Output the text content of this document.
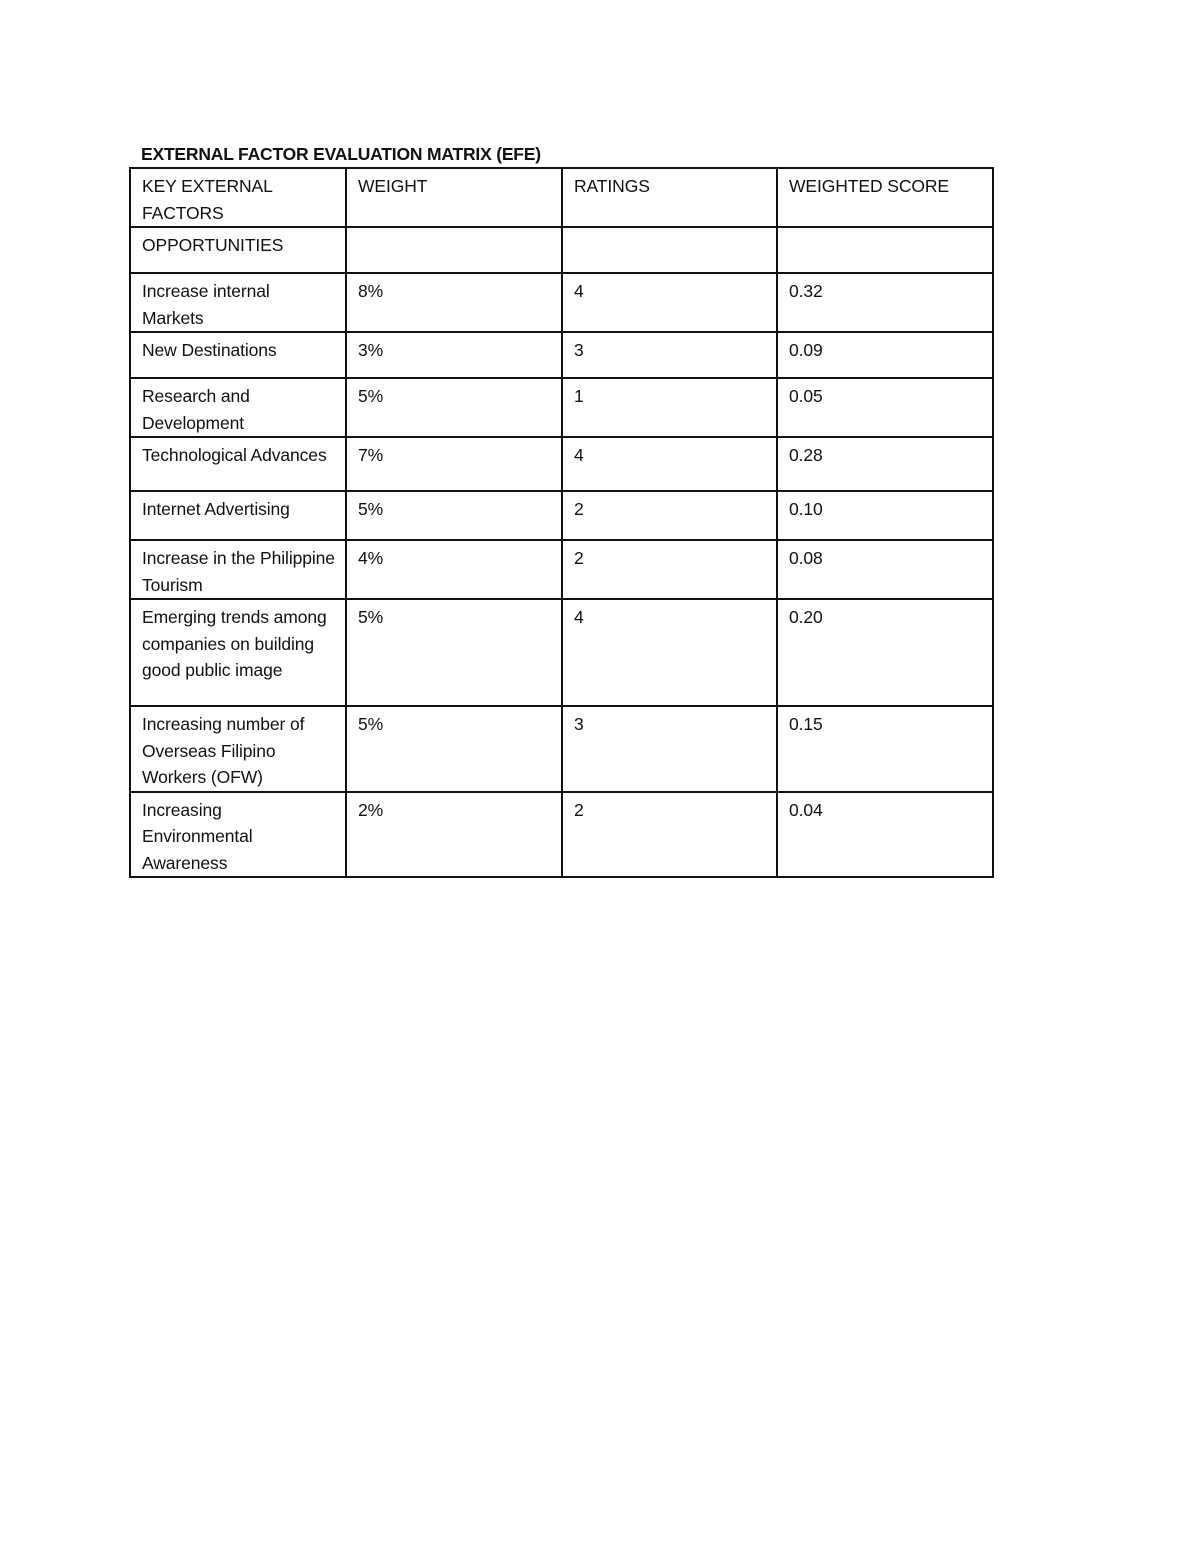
EXTERNAL FACTOR EVALUATION MATRIX (EFE)
KEY EXTERNAL FACTORS	WEIGHT	RATINGS	WEIGHTED SCORE
OPPORTUNITIES			
Increase internal Markets	8%	4	0.32
New Destinations	3%	3	0.09
Research and Development	5%	1	0.05
Technological Advances	7%	4	0.28
Internet Advertising	5%	2	0.10
Increase in the Philippine Tourism	4%	2	0.08
Emerging trends among companies on building good public image	5%	4	0.20
Increasing number of Overseas Filipino Workers (OFW)	5%	3	0.15
Increasing Environmental Awareness	2%	2	0.04
